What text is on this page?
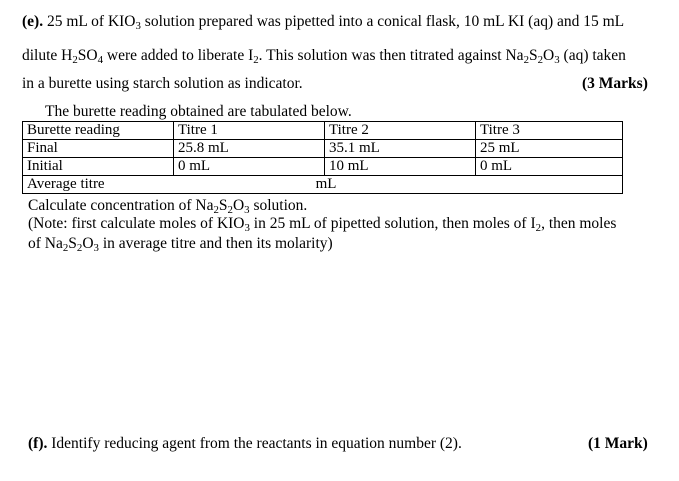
(e). 25 mL of $KIO_3$ solution prepared was pipetted into a conical flask, 10 mL KI (aq) and 15 mL
dilute $H_2SO_4$ were added to liberate $I_2$. This solution was then titrated against $Na_2S_2O_3$ (aq) taken
in a burette using starch solution as indicator.	(3 Marks)
The burette reading obtained are tabulated below.
Burette reading	Titre 1	Titre 2	Titre 3
Final	25.8 mL	35.1 mL	25 mL
Initial	0 mL	10 mL	0 mL
Average titre mL			
Calculate concentration of $Na_2S_2O_3$ solution.
(Note: first calculate moles of $KIO_3$ in 25 mL of pipetted solution, then moles of $I_2$, then moles
of $Na_2S_2O_3$ in average titre and then its molarity)
(f). Identify reducing agent from the reactants in equation number (2).	(1 Mark)
